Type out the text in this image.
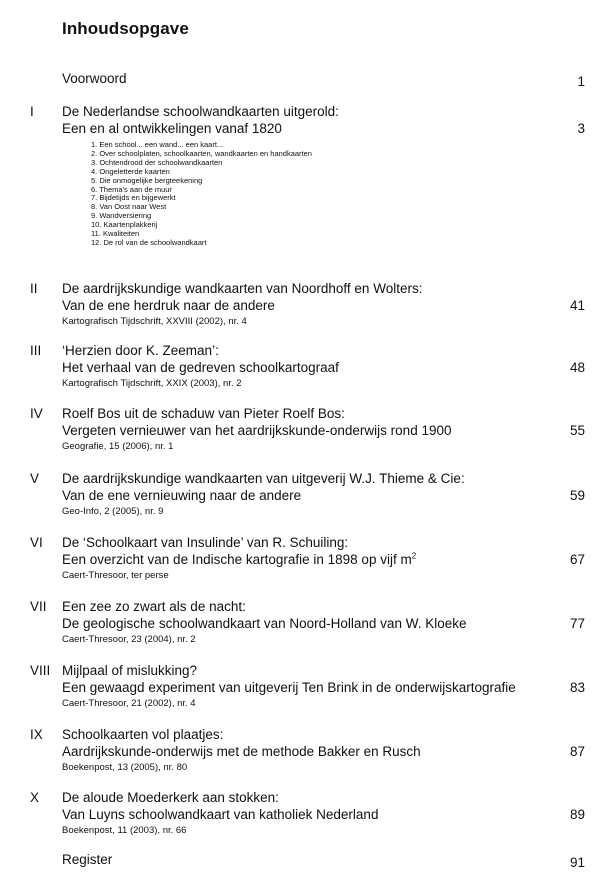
Inhoudsopgave
Voorwoord	1
I De Nederlandse schoolwandkaarten uitgerold:
Een en al ontwikkelingen vanaf 1820	3
1. Een school... een wand... een kaart...
2. Over schoolplaten, schoolkaarten, wandkaarten en handkaarten
3. Ochtendrood der schoolwandkaarten
4. Ongeletterde kaarten
5. Die onmogelijke bergteekening
6. Thema's aan de muur
7. Bijdetijds en bijgewerkt
8. Van Oost naar West
9. Wandversiering
10. Kaartenplakkerij
11. Kwaliteiten
12. De rol van de schoolwandkaart
II De aardrijkskundige wandkaarten van Noordhoff en Wolters:
Van de ene herdruk naar de andere	41
Kartografisch Tijdschrift, XXVIII (2002), nr. 4
III ‘Herzien door K. Zeeman’:
Het verhaal van de gedreven schoolkartograaf	48
Kartografisch Tijdschrift, XXIX (2003), nr. 2
IV Roelf Bos uit de schaduw van Pieter Roelf Bos:
Vergeten vernieuwer van het aardrijkskunde-onderwijs rond 1900	55
Geografie, 15 (2006), nr. 1
V De aardrijkskundige wandkaarten van uitgeverij W.J. Thieme & Cie:
Van de ene vernieuwing naar de andere	59
Geo-Info, 2 (2005), nr. 9
VI De ‘Schoolkaart van Insulinde’ van R. Schuiling:
Een overzicht van de Indische kartografie in 1898 op vijf $m^2$	67
Caert-Thresoor, ter perse
VII Een zee zo zwart als de nacht:
De geologische schoolwandkaart van Noord-Holland van W. Kloeke	77
Caert-Thresoor, 23 (2004), nr. 2
VIII Mijlpaal of mislukking?
Een gewaagd experiment van uitgeverij Ten Brink in de onderwijskartografie	83
Caert-Thresoor, 21 (2002), nr. 4
IX Schoolkaarten vol plaatjes:
Aardrijkskunde-onderwijs met de methode Bakker en Rusch	87
Boekenpost, 13 (2005), nr. 80
X De aloude Moederkerk aan stokken:
Van Luyns schoolwandkaart van katholiek Nederland	89
Boekenpost, 11 (2003), nr. 66
Register	91
